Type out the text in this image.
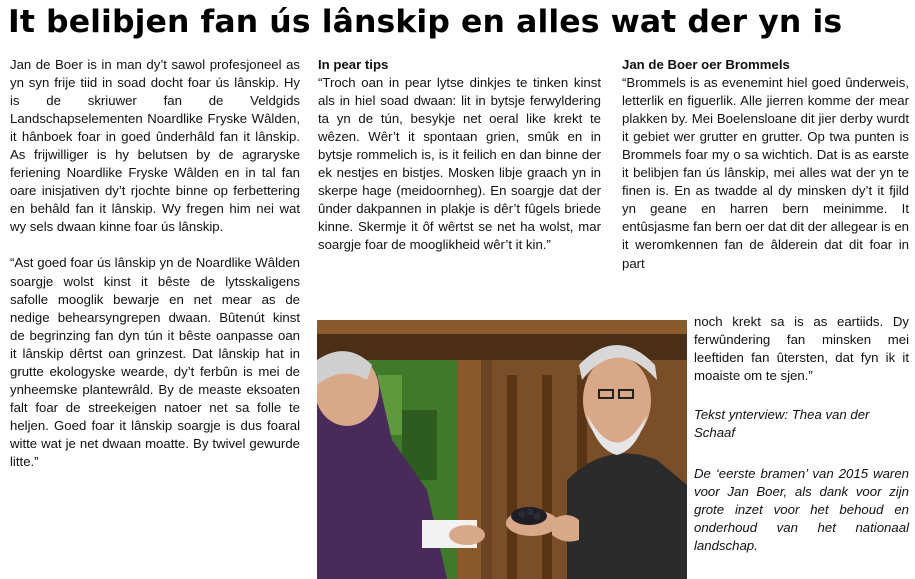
It belibjen fan ús lânskip en alles wat der yn is

Jan de Boer is in man dy’t sawol profesjoneel as yn syn frije tiid in soad docht foar ús lânskip. Hy is de skriuwer fan de Veldgids Landschapselementen Noardlike Fryske Wâlden, it hânboek foar in goed ûnderhâld fan it lânskip. As frijwilliger is hy belutsen by de agraryske feriening Noardlike Fryske Wâlden en in tal fan oare inisjativen dy’t rjochte binne op ferbettering en behâld fan it lânskip. Wy fregen him nei wat wy sels dwaan kinne foar ús lânskip.

“Ast goed foar ús lânskip yn de Noardlike Wâlden soargje wolst kinst it bêste de lytsskaligens safolle mooglik bewarje en net mear as de nedige behearsyngrepen dwaan. Bûtenút kinst de begrinzing fan dyn tún it bêste oanpasse oan it lânskip dêrtst oan grinzest. Dat lânskip hat in grutte ekologyske wearde, dy’t ferbûn is mei de ynheemske plantewrâld. By de measte eksoaten falt foar de streekeigen natoer net sa folle te heljen. Goed foar it lânskip soargje is dus foaral witte wat je net dwaan moatte. By twivel gewurde litte.”

In pear tips

“Troch oan in pear lytse dinkjes te tinken kinst als in hiel soad dwaan: lit in bytsje ferwyldering ta yn de tún, besykje net oeral like krekt te wêzen. Wêr’t it spontaan grien, smûk en in bytsje rommelich is, is it feilich en dan binne der ek nestjes en bistjes. Mosken libje graach yn in skerpe hage (meidoornheg). En soargje dat der ûnder dakpannen in plakje is dêr’t fûgels briede kinne. Skermje it ôf wêrtst se net ha wolst, mar soargje foar de mooglikheid wêr’t it kin.”

Jan de Boer oer Brommels

“Brommels is as evenemint hiel goed ûnderweis, letterlik en figuerlik. Alle jierren komme der mear plakken by. Mei Boelensloane dit jier derby wurdt it gebiet wer grutter en grutter. Op twa punten is Brommels foar my o sa wichtich. Dat is as earste it belibjen fan ús lânskip, mei alles wat der yn te finen is. En as twadde al dy minsken dy’t it fjild yn geane en harren bern meinimme. It entûsjasme fan bern oer dat dit der allegear is en it weromkennen fan de âlderein dat dit foar in part

noch krekt sa is as eartiids. Dy ferwûndering fan minsken mei leeftiden fan ûtersten, dat fyn ik it moaiste om te sjen.”

Tekst ynterview: Thea van der Schaaf
De ‘eerste bramen’ van 2015 waren voor Jan Boer, als dank voor zijn grote inzet voor het behoud en onderhoud van het nationaal landschap.
